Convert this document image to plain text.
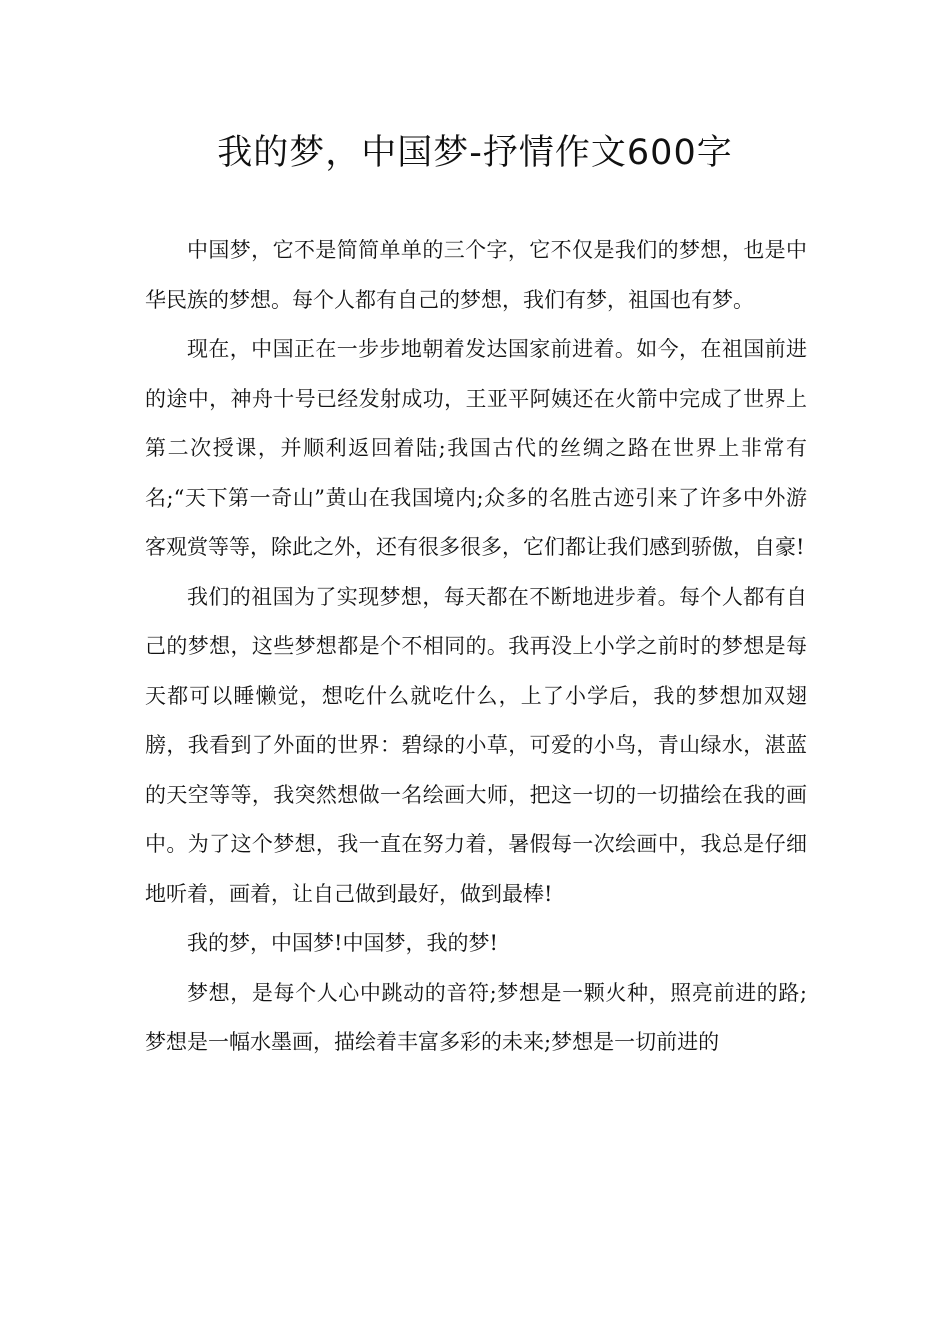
我的梦，中国梦-抒情作文600字

中国梦，它不是简简单单的三个字，它不仅是我们的梦想，也是中华民族的梦想。每个人都有自己的梦想，我们有梦，祖国也有梦。

现在，中国正在一步步地朝着发达国家前进着。如今，在祖国前进的途中，神舟十号已经发射成功，王亚平阿姨还在火箭中完成了世界上第二次授课，并顺利返回着陆;我国古代的丝绸之路在世界上非常有名;“天下第一奇山”黄山在我国境内;众多的名胜古迹引来了许多中外游客观赏等等，除此之外，还有很多很多，它们都让我们感到骄傲，自豪!

我们的祖国为了实现梦想，每天都在不断地进步着。每个人都有自己的梦想，这些梦想都是个不相同的。我再没上小学之前时的梦想是每天都可以睡懒觉，想吃什么就吃什么，上了小学后，我的梦想加双翅膀，我看到了外面的世界：碧绿的小草，可爱的小鸟，青山绿水，湛蓝的天空等等，我突然想做一名绘画大师，把这一切的一切描绘在我的画中。为了这个梦想，我一直在努力着，暑假每一次绘画中，我总是仔细地听着，画着，让自己做到最好，做到最棒!

我的梦，中国梦!中国梦，我的梦!

梦想，是每个人心中跳动的音符;梦想是一颗火种，照亮前进的路;梦想是一幅水墨画，描绘着丰富多彩的未来;梦想是一切前进的
